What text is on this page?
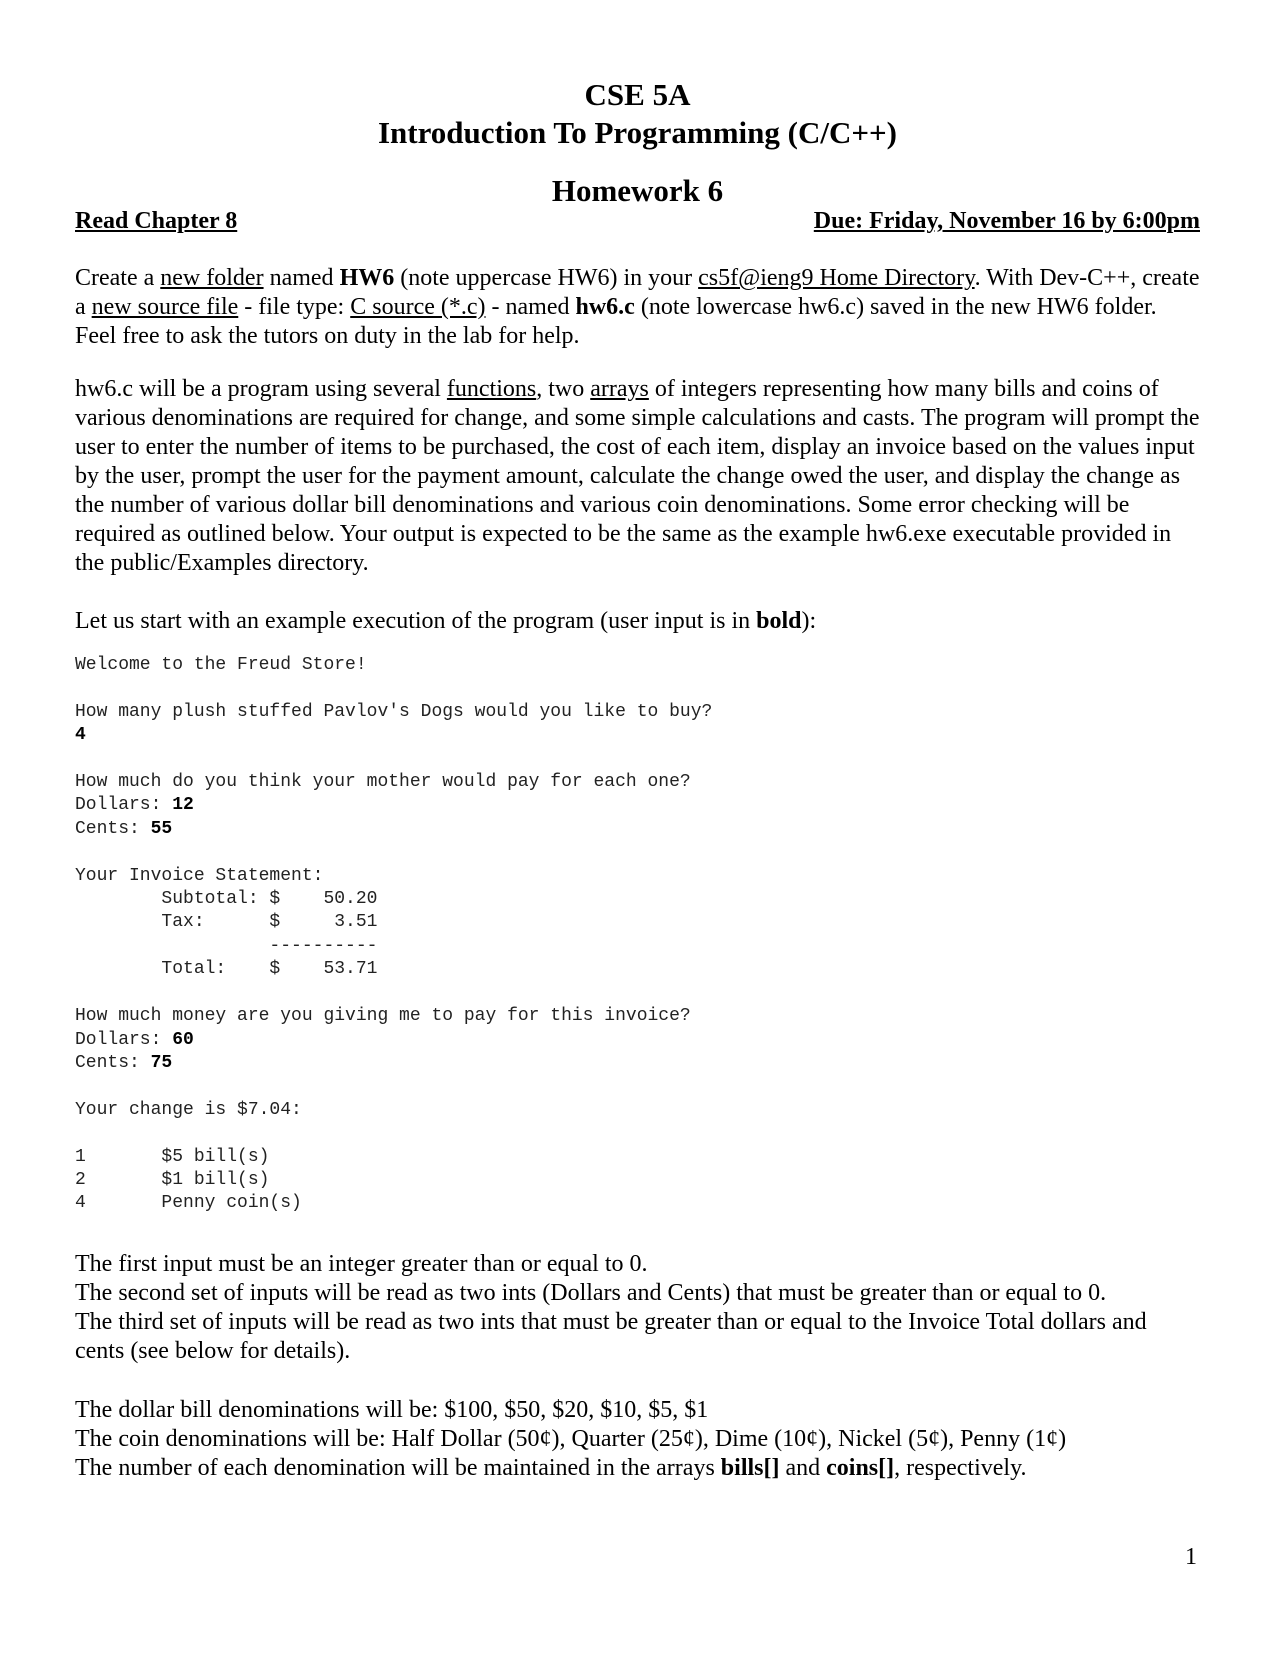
CSE 5A
Introduction To Programming (C/C++)
Homework 6
Read Chapter 8	Due: Friday, November 16 by 6:00pm

Create a new folder named HW6 (note uppercase HW6) in your cs5f@ieng9 Home Directory. With Dev-C++, create a new source file - file type: C source (*.c) - named hw6.c (note lowercase hw6.c) saved in the new HW6 folder. Feel free to ask the tutors on duty in the lab for help.

hw6.c will be a program using several functions, two arrays of integers representing how many bills and coins of various denominations are required for change, and some simple calculations and casts. The program will prompt the user to enter the number of items to be purchased, the cost of each item, display an invoice based on the values input by the user, prompt the user for the payment amount, calculate the change owed the user, and display the change as the number of various dollar bill denominations and various coin denominations. Some error checking will be required as outlined below. Your output is expected to be the same as the example hw6.exe executable provided in the public/Examples directory.

Let us start with an example execution of the program (user input is in bold):

Welcome to the Freud Store!

How many plush stuffed Pavlov's Dogs would you like to buy?
4

How much do you think your mother would pay for each one?
Dollars: 12
Cents: 55

Your Invoice Statement:
Subtotal: $    50.20
Tax:      $     3.51
----------
Total:    $    53.71

How much money are you giving me to pay for this invoice?
Dollars: 60
Cents: 75

Your change is $7.04:

1       $5 bill(s)
2       $1 bill(s)
4       Penny coin(s)
The first input must be an integer greater than or equal to 0.
The second set of inputs will be read as two ints (Dollars and Cents) that must be greater than or equal to 0.
The third set of inputs will be read as two ints that must be greater than or equal to the Invoice Total dollars and cents (see below for details).
The dollar bill denominations will be: $100, $50, $20, $10, $5, $1
The coin denominations will be: Half Dollar (50¢), Quarter (25¢), Dime (10¢), Nickel (5¢), Penny (1¢)
The number of each denomination will be maintained in the arrays bills[] and coins[], respectively.
1
